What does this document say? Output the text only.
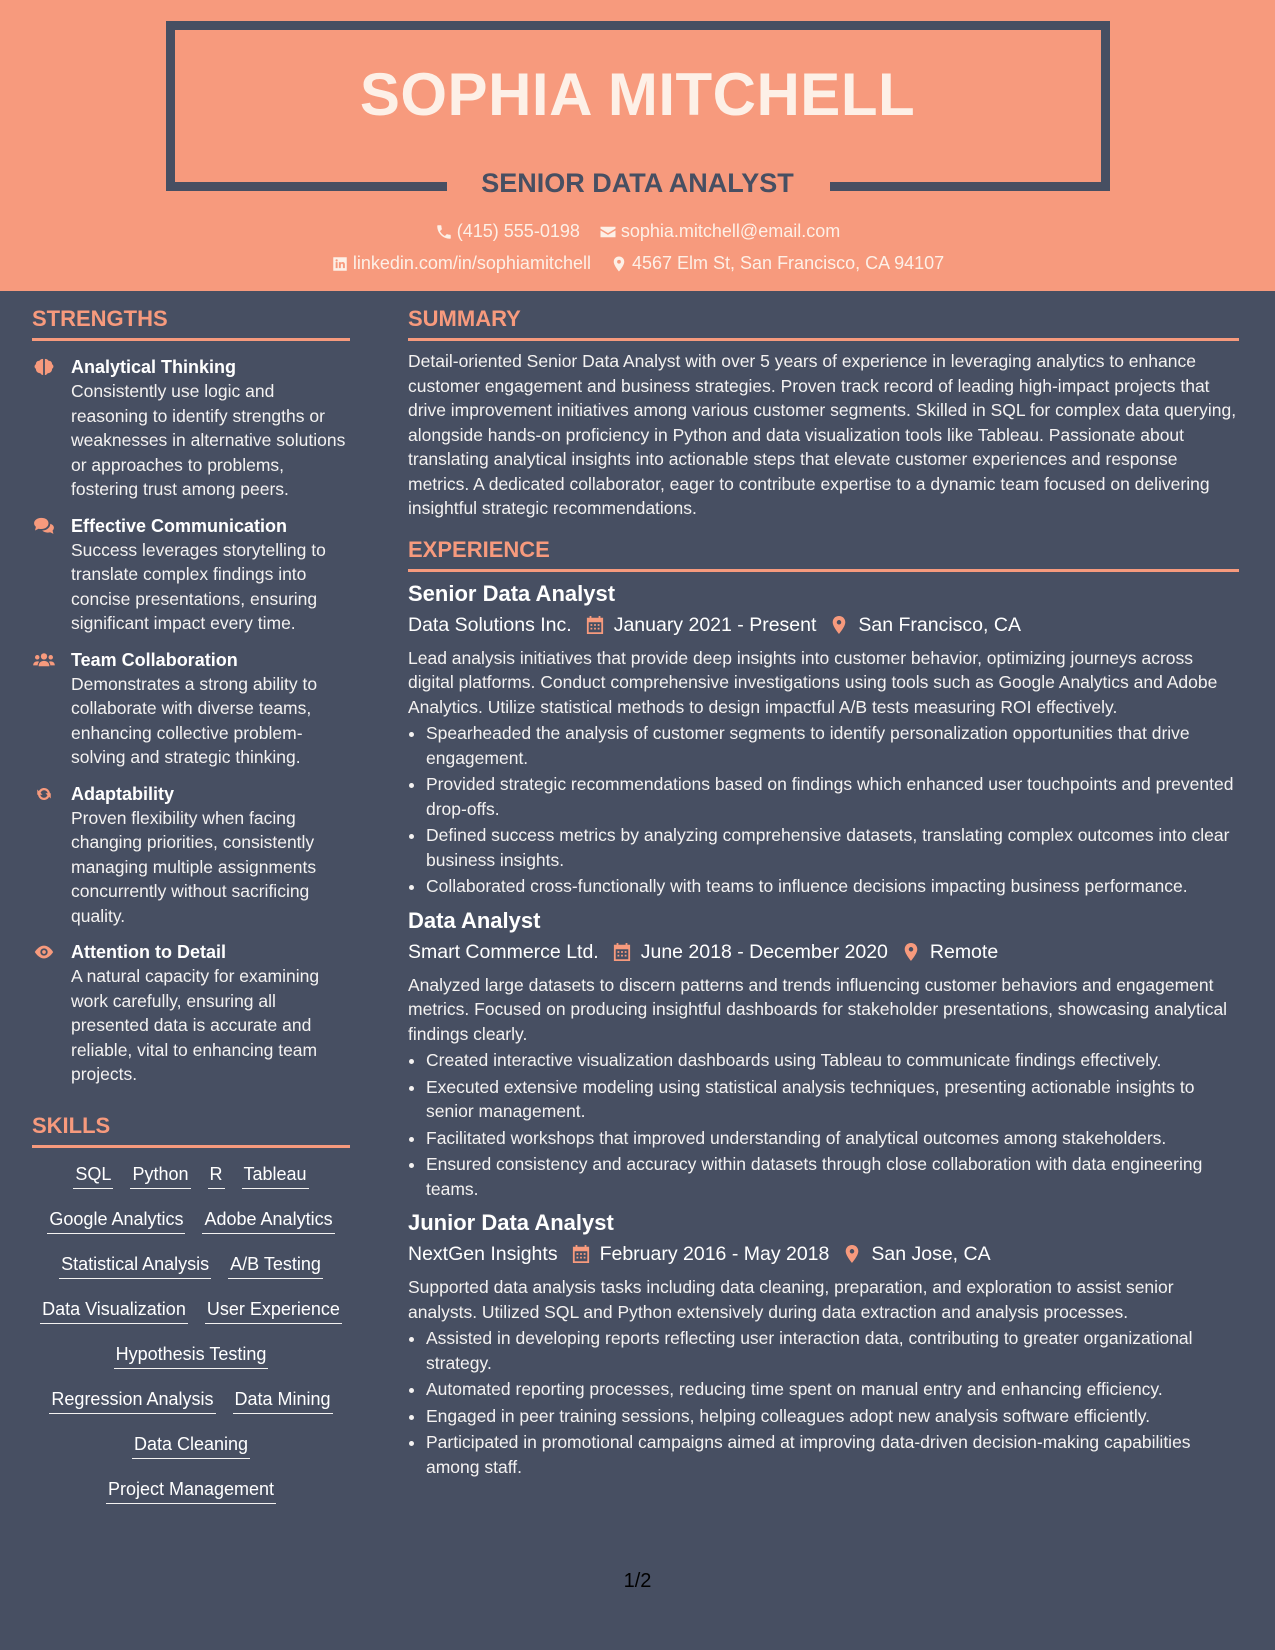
SOPHIA MITCHELL
SENIOR DATA ANALYST
(415) 555-0198
sophia.mitchell@email.com
linkedin.com/in/sophiamitchell
4567 Elm St, San Francisco, CA 94107
STRENGTHS
Analytical Thinking
Consistently use logic and reasoning to identify strengths or weaknesses in alternative solutions or approaches to problems, fostering trust among peers.
Effective Communication
Success leverages storytelling to translate complex findings into concise presentations, ensuring significant impact every time.
Team Collaboration
Demonstrates a strong ability to collaborate with diverse teams, enhancing collective problem-solving and strategic thinking.
Adaptability
Proven flexibility when facing changing priorities, consistently managing multiple assignments concurrently without sacrificing quality.
Attention to Detail
A natural capacity for examining work carefully, ensuring all presented data is accurate and reliable, vital to enhancing team projects.
SKILLS
SQL Python R Tableau
Google Analytics Adobe Analytics
Statistical Analysis A/B Testing
Data Visualization User Experience
Hypothesis Testing
Regression Analysis Data Mining
Data Cleaning
Project Management
SUMMARY

Detail-oriented Senior Data Analyst with over 5 years of experience in leveraging analytics to enhance customer engagement and business strategies. Proven track record of leading high-impact projects that drive improvement initiatives among various customer segments. Skilled in SQL for complex data querying, alongside hands-on proficiency in Python and data visualization tools like Tableau. Passionate about translating analytical insights into actionable steps that elevate customer experiences and response metrics. A dedicated collaborator, eager to contribute expertise to a dynamic team focused on delivering insightful strategic recommendations.

EXPERIENCE
Senior Data Analyst
Data Solutions Inc. January 2021 - Present San Francisco, CA
Lead analysis initiatives that provide deep insights into customer behavior, optimizing journeys across digital platforms. Conduct comprehensive investigations using tools such as Google Analytics and Adobe Analytics. Utilize statistical methods to design impactful A/B tests measuring ROI effectively.
• Spearheaded the analysis of customer segments to identify personalization opportunities that drive engagement.
• Provided strategic recommendations based on findings which enhanced user touchpoints and prevented drop-offs.
• Defined success metrics by analyzing comprehensive datasets, translating complex outcomes into clear business insights.
• Collaborated cross-functionally with teams to influence decisions impacting business performance.
Data Analyst
Smart Commerce Ltd. June 2018 - December 2020 Remote
Analyzed large datasets to discern patterns and trends influencing customer behaviors and engagement metrics. Focused on producing insightful dashboards for stakeholder presentations, showcasing analytical findings clearly.
• Created interactive visualization dashboards using Tableau to communicate findings effectively.
• Executed extensive modeling using statistical analysis techniques, presenting actionable insights to senior management.
• Facilitated workshops that improved understanding of analytical outcomes among stakeholders.
• Ensured consistency and accuracy within datasets through close collaboration with data engineering teams.
Junior Data Analyst
NextGen Insights February 2016 - May 2018 San Jose, CA
Supported data analysis tasks including data cleaning, preparation, and exploration to assist senior analysts. Utilized SQL and Python extensively during data extraction and analysis processes.
• Assisted in developing reports reflecting user interaction data, contributing to greater organizational strategy.
• Automated reporting processes, reducing time spent on manual entry and enhancing efficiency.
• Engaged in peer training sessions, helping colleagues adopt new analysis software efficiently.
• Participated in promotional campaigns aimed at improving data-driven decision-making capabilities among staff.
1/2
